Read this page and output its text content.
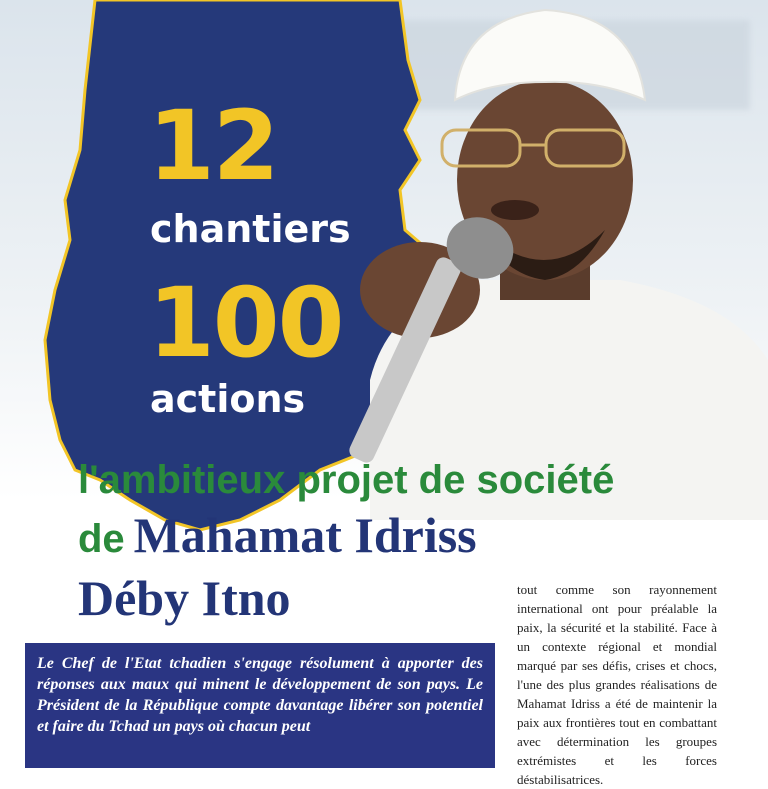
12
chantiers
100
actions
l'ambitieux projet de société
de Mahamat Idriss
Déby Itno

Le Chef de l'Etat tchadien s'engage résolument à apporter des réponses aux maux qui minent le développement de son pays. Le Président de la République compte davantage libérer son potentiel et faire du Tchad un pays où chacun peut

tout comme son rayonnement international ont pour préalable la paix, la sécurité et la stabilité. Face à un contexte régional et mondial marqué par ses défis, crises et chocs, l'une des plus grandes réalisations de Mahamat Idriss a été de maintenir la paix aux frontières tout en combattant avec détermination les groupes extrémistes et les forces déstabilisatrices.
